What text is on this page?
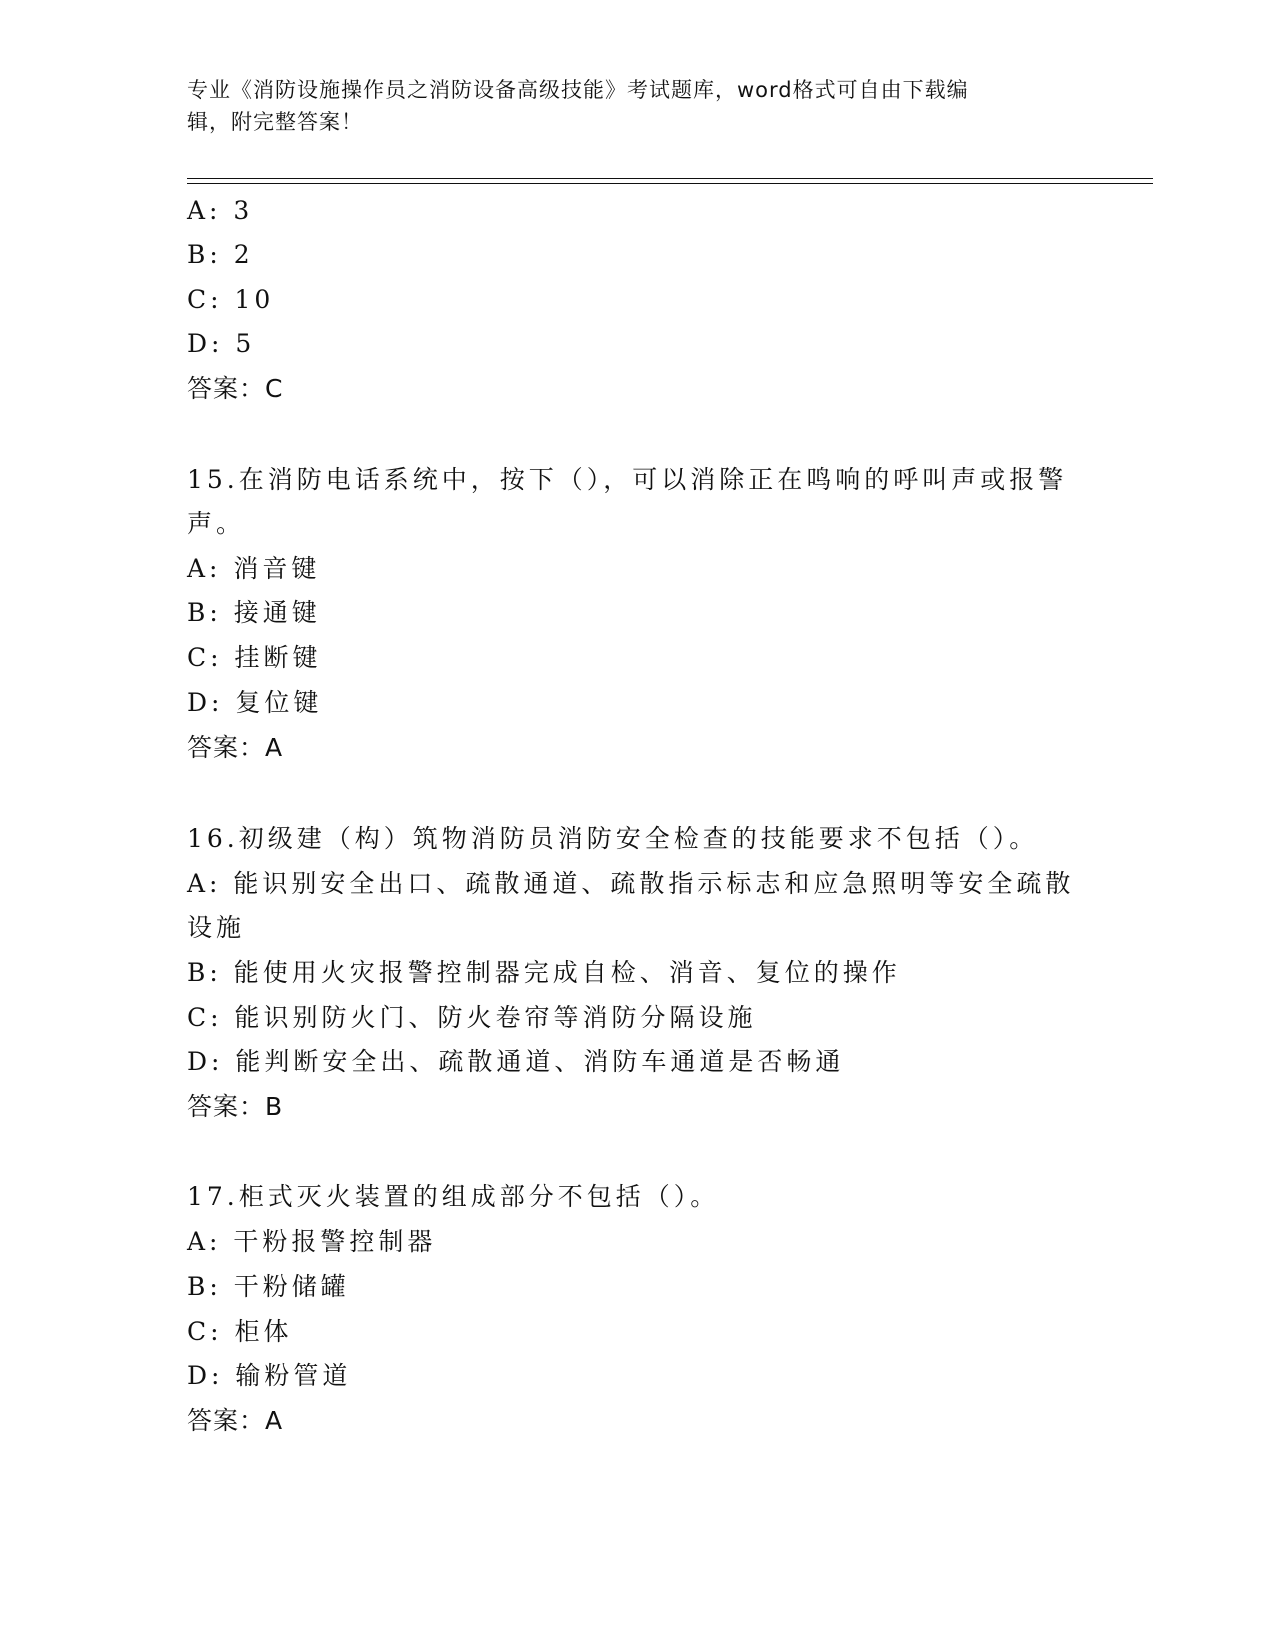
专业《消防设施操作员之消防设备高级技能》考试题库，word格式可自由下载编
辑，附完整答案！
A: 3
B: 2
C: 10
D: 5
答案：C
15.在消防电话系统中，按下（），可以消除正在鸣响的呼叫声或报警
声。
A: 消音键
B: 接通键
C: 挂断键
D: 复位键
答案：A
16.初级建（构）筑物消防员消防安全检查的技能要求不包括（）。
A: 能识别安全出口、疏散通道、疏散指示标志和应急照明等安全疏散
设施
B: 能使用火灾报警控制器完成自检、消音、复位的操作
C: 能识别防火门、防火卷帘等消防分隔设施
D: 能判断安全出、疏散通道、消防车通道是否畅通
答案：B
17.柜式灭火装置的组成部分不包括（）。
A: 干粉报警控制器
B: 干粉储罐
C: 柜体
D: 输粉管道
答案：A
